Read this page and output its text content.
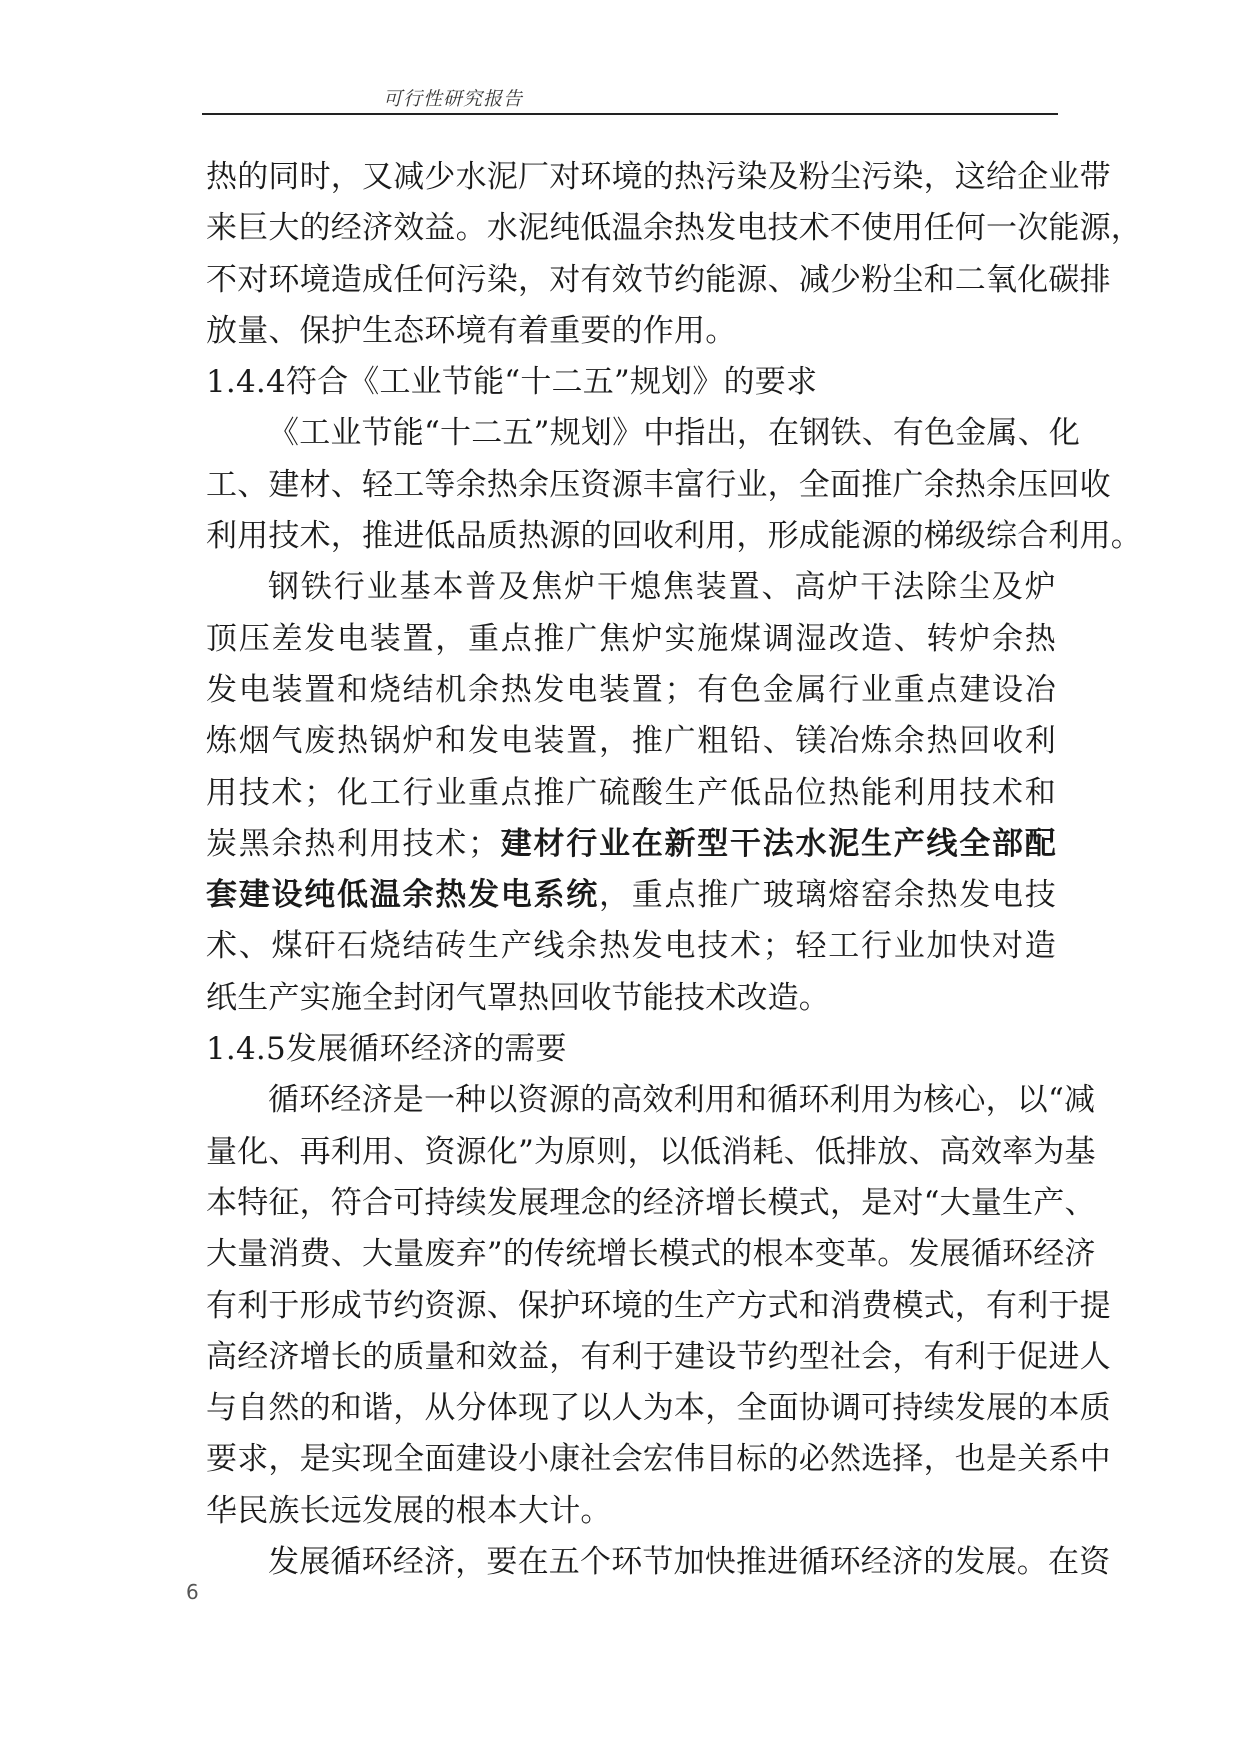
可行性研究报告

热的同时，又减少水泥厂对环境的热污染及粉尘污染，这给企业带
来巨大的经济效益。水泥纯低温余热发电技术不使用任何一次能源，
不对环境造成任何污染，对有效节约能源、减少粉尘和二氧化碳排
放量、保护生态环境有着重要的作用。

1.4.4符合《工业节能“十二五”规划》的要求

《工业节能“十二五”规划》中指出，在钢铁、有色金属、化
工、建材、轻工等余热余压资源丰富行业，全面推广余热余压回收
利用技术，推进低品质热源的回收利用，形成能源的梯级综合利用。

钢铁行业基本普及焦炉干熄焦装置、高炉干法除尘及炉
顶压差发电装置，重点推广焦炉实施煤调湿改造、转炉余热
发电装置和烧结机余热发电装置；有色金属行业重点建设冶
炼烟气废热锅炉和发电装置，推广粗铅、镁冶炼余热回收利
用技术；化工行业重点推广硫酸生产低品位热能利用技术和
炭黑余热利用技术；建材行业在新型干法水泥生产线全部配
套建设纯低温余热发电系统，重点推广玻璃熔窑余热发电技
术、煤矸石烧结砖生产线余热发电技术；轻工行业加快对造
纸生产实施全封闭气罩热回收节能技术改造。

1.4.5发展循环经济的需要

循环经济是一种以资源的高效利用和循环利用为核心，以“减
量化、再利用、资源化”为原则，以低消耗、低排放、高效率为基
本特征，符合可持续发展理念的经济增长模式，是对“大量生产、
大量消费、大量废弃”的传统增长模式的根本变革。发展循环经济
有利于形成节约资源、保护环境的生产方式和消费模式，有利于提
高经济增长的质量和效益，有利于建设节约型社会，有利于促进人
与自然的和谐，从分体现了以人为本，全面协调可持续发展的本质
要求，是实现全面建设小康社会宏伟目标的必然选择，也是关系中
华民族长远发展的根本大计。

发展循环经济，要在五个环节加快推进循环经济的发展。在资

6
